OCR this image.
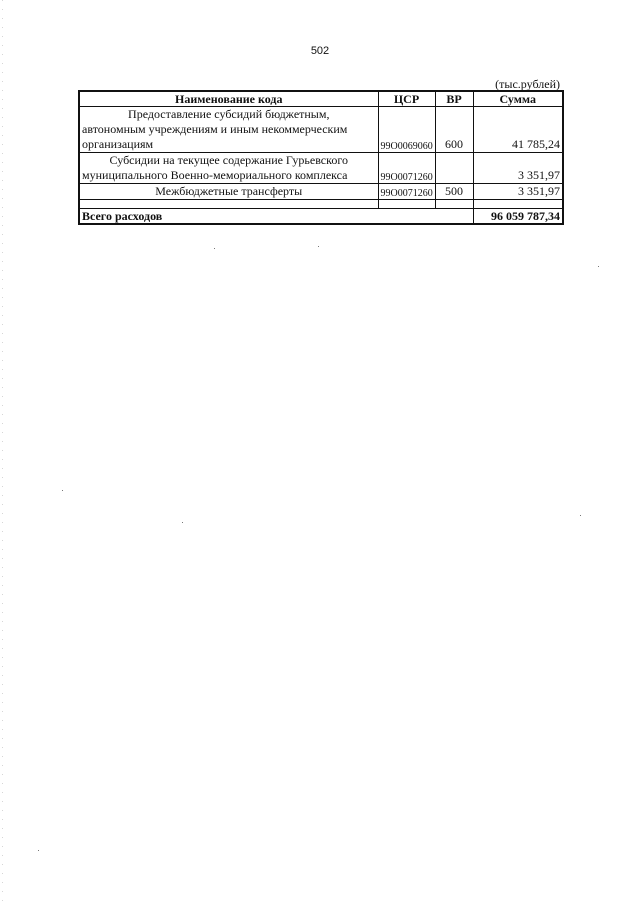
502
(тыс.рублей)
Наименование кода	ЦСР	ВР	Сумма

Предоставление субсидий бюджетным,
автономным учреждениям и иным некоммерческим организациям	99О0069060	600	41 785,24

Субсидии на текущее содержание Гурьевского
муниципального Военно-мемориального комплекса	99О0071260		3 351,97

Межбюджетные трансферты	99О0071260	500	3 351,97

Всего расходов			96 059 787,34
